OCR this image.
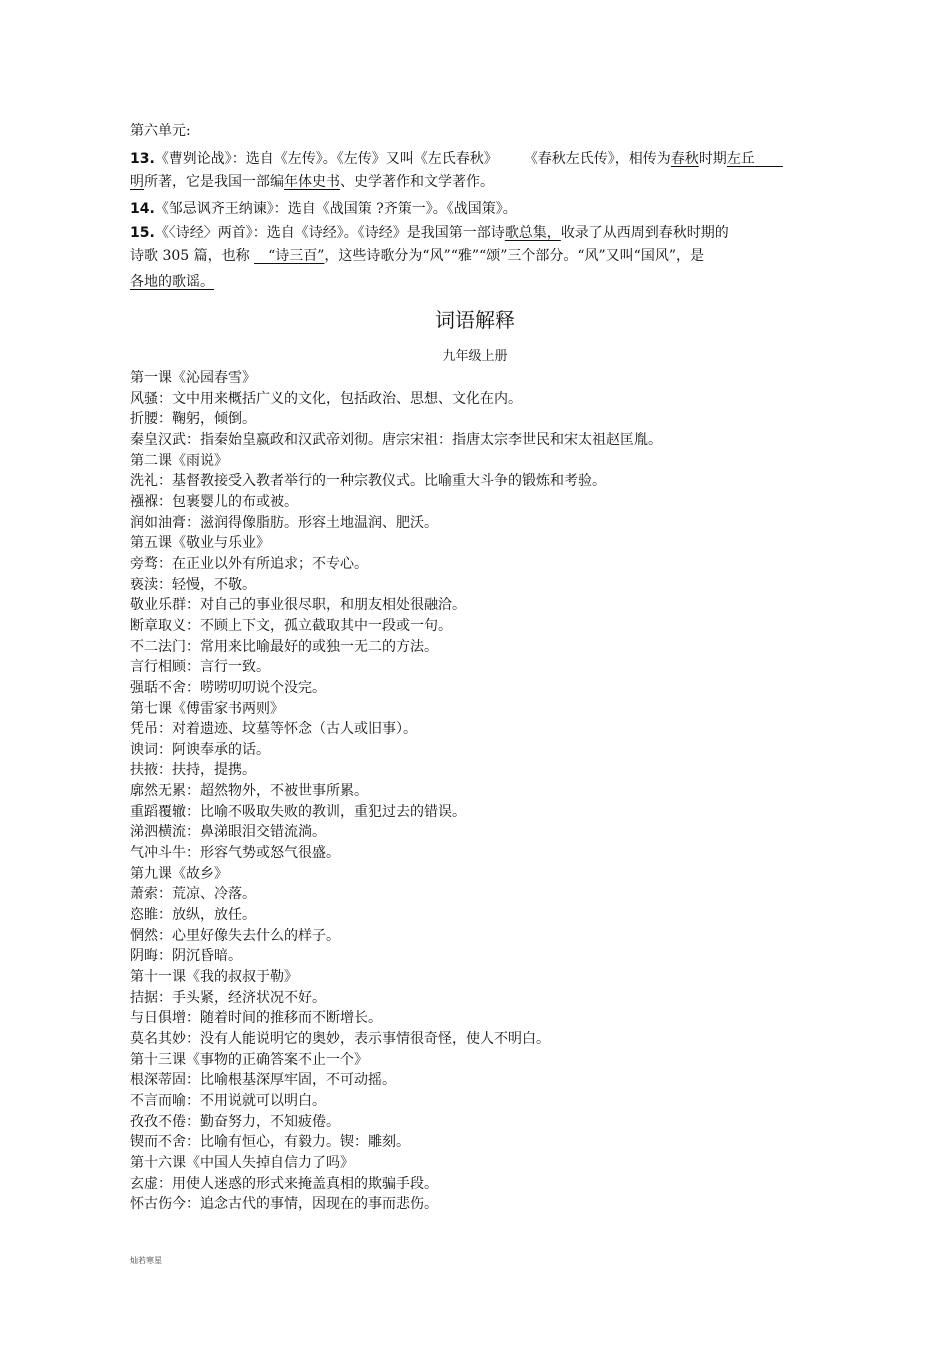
第六单元:
13.《曹刿论战》：选自《左传》。《左传》又叫《左氏春秋》 《春秋左氏传》，相传为春秋时期左丘　　
明所著，它是我国一部编年体史书、史学著作和文学著作。
14.《邹忌讽齐王纳谏》：选自《战国策 ?齐策一》。《战国策》。
15.《〈诗经〉两首》：选自《诗经》。《诗经》是我国第一部诗歌总集，收录了从西周到春秋时期的
诗歌 305 篇，也称 　 “诗三百”，这些诗歌分为“风”“雅”“颂”三个部分。“风”又叫“国风”，是
各地的歌谣。
词语解释
九年级上册
第一课《沁园春雪》
风骚：文中用来概括广义的文化，包括政治、思想、文化在内。
折腰：鞠躬，倾倒。
秦皇汉武：指秦始皇嬴政和汉武帝刘彻。唐宗宋祖：指唐太宗李世民和宋太祖赵匡胤。
第二课《雨说》
洗礼：基督教接受入教者举行的一种宗教仪式。比喻重大斗争的锻炼和考验。
襁褓：包裹婴儿的布或被。
润如油膏：滋润得像脂肪。形容土地温润、肥沃。
第五课《敬业与乐业》
旁骛：在正业以外有所追求；不专心。
亵渎：轻慢，不敬。
敬业乐群：对自己的事业很尽职，和朋友相处很融洽。
断章取义：不顾上下文，孤立截取其中一段或一句。
不二法门：常用来比喻最好的或独一无二的方法。
言行相顾：言行一致。
强聒不舍：唠唠叨叨说个没完。
第七课《傅雷家书两则》
凭吊：对着遗迹、坟墓等怀念（古人或旧事）。
谀词：阿谀奉承的话。
扶掖：扶持，提携。
廓然无累：超然物外，不被世事所累。
重蹈覆辙：比喻不吸取失败的教训，重犯过去的错误。
涕泗横流：鼻涕眼泪交错流淌。
气冲斗牛：形容气势或怒气很盛。
第九课《故乡》
萧索：荒凉、冷落。
恣睢：放纵，放任。
惘然：心里好像失去什么的样子。
阴晦：阴沉昏暗。
第十一课《我的叔叔于勒》
拮据：手头紧，经济状况不好。
与日俱增：随着时间的推移而不断增长。
莫名其妙：没有人能说明它的奥妙，表示事情很奇怪，使人不明白。
第十三课《事物的正确答案不止一个》
根深蒂固：比喻根基深厚牢固，不可动摇。
不言而喻：不用说就可以明白。
孜孜不倦：勤奋努力，不知疲倦。
锲而不舍：比喻有恒心，有毅力。锲：雕刻。
第十六课《中国人失掉自信力了吗》
玄虚：用使人迷惑的形式来掩盖真相的欺骗手段。
怀古伤今：追念古代的事情，因现在的事而悲伤。
灿若寒星
